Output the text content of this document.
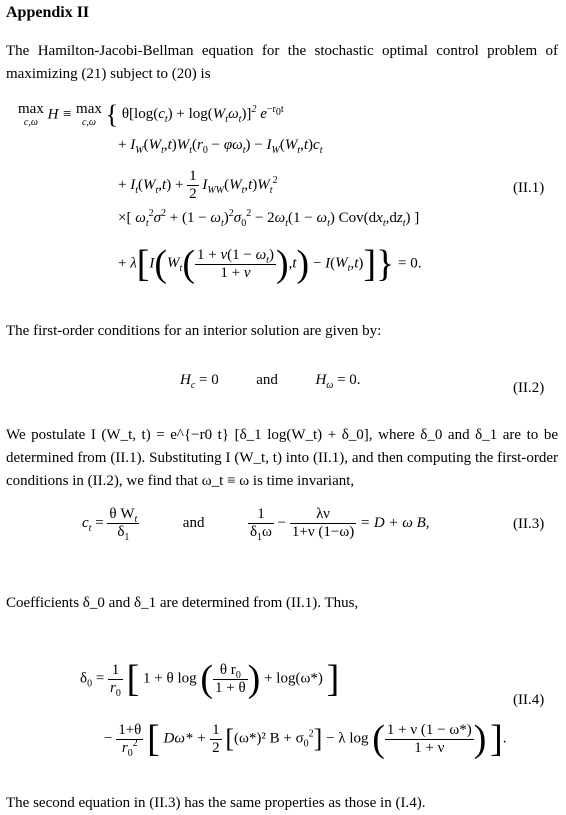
Appendix II
The Hamilton-Jacobi-Bellman equation for the stochastic optimal control problem of maximizing (21) subject to (20) is
max
c,ω
H ≡ max
c,ω { $\theta[\log(c_t) + \log(W_t\omega_t)]^2$ $e^{-r_0t}$
+ $I_W(W_t,t)W_t(r_0 - \varphi\omega_t) - I_W(W_t,t)c_t$
+ $I_t(W_t,t) + \frac{1}{2} I_{WW}(W_t,t)W_t^2$
×[ $\omega_t^2\sigma^2 + (1 - \omega_t)^2\sigma_0^2 - 2\omega_t(1 - \omega_t)$ $Cov(dx_t,dz_t)$ ]
+ $\lambda[I(W_t( \frac{1 + \nu(1 - \omega_t)}{1 + \nu} ),t) - I(W_t,t)]\} = 0$.
(II.1)
The first-order conditions for an interior solution are given by:
$H_c = 0$	and	$H_\omega = 0$.	(II.2)
We postulate I (W_t, t) = e^{−r0 t} [δ_1 log(W_t) + δ_0], where δ_0 and δ_1 are to be determined from (II.1). Substituting I (W_t, t) into (II.1), and then computing the first-order conditions in (II.2), we find that ω_t ≡ ω is time invariant,
$c_t = \frac{\theta W_t}{\delta_1}$	and	$\frac{1}{\delta_1\omega} - \frac{\lambda\nu}{1+\nu (1-\omega)} = D + \omega$ B,	(II.3)
Coefficients δ_0 and δ_1 are determined from (II.1). Thus,
$\delta_0 = \frac{1}{r_0}$ [ 1 + θ log ( $\frac{\theta r_0}{1 + \theta}$ ) + log(ω*) ]
− $\frac{1+\theta}{r_0^2}$ [ $D\omega* + \frac{1}{2} [(\omega*)^2$ $B + \sigma_0^2] - \lambda$ log ( $\frac{1 + \nu (1 - \omega*)}{1 + \nu}$ ) ].
(II.4)
The second equation in (II.3) has the same properties as those in (I.4).
